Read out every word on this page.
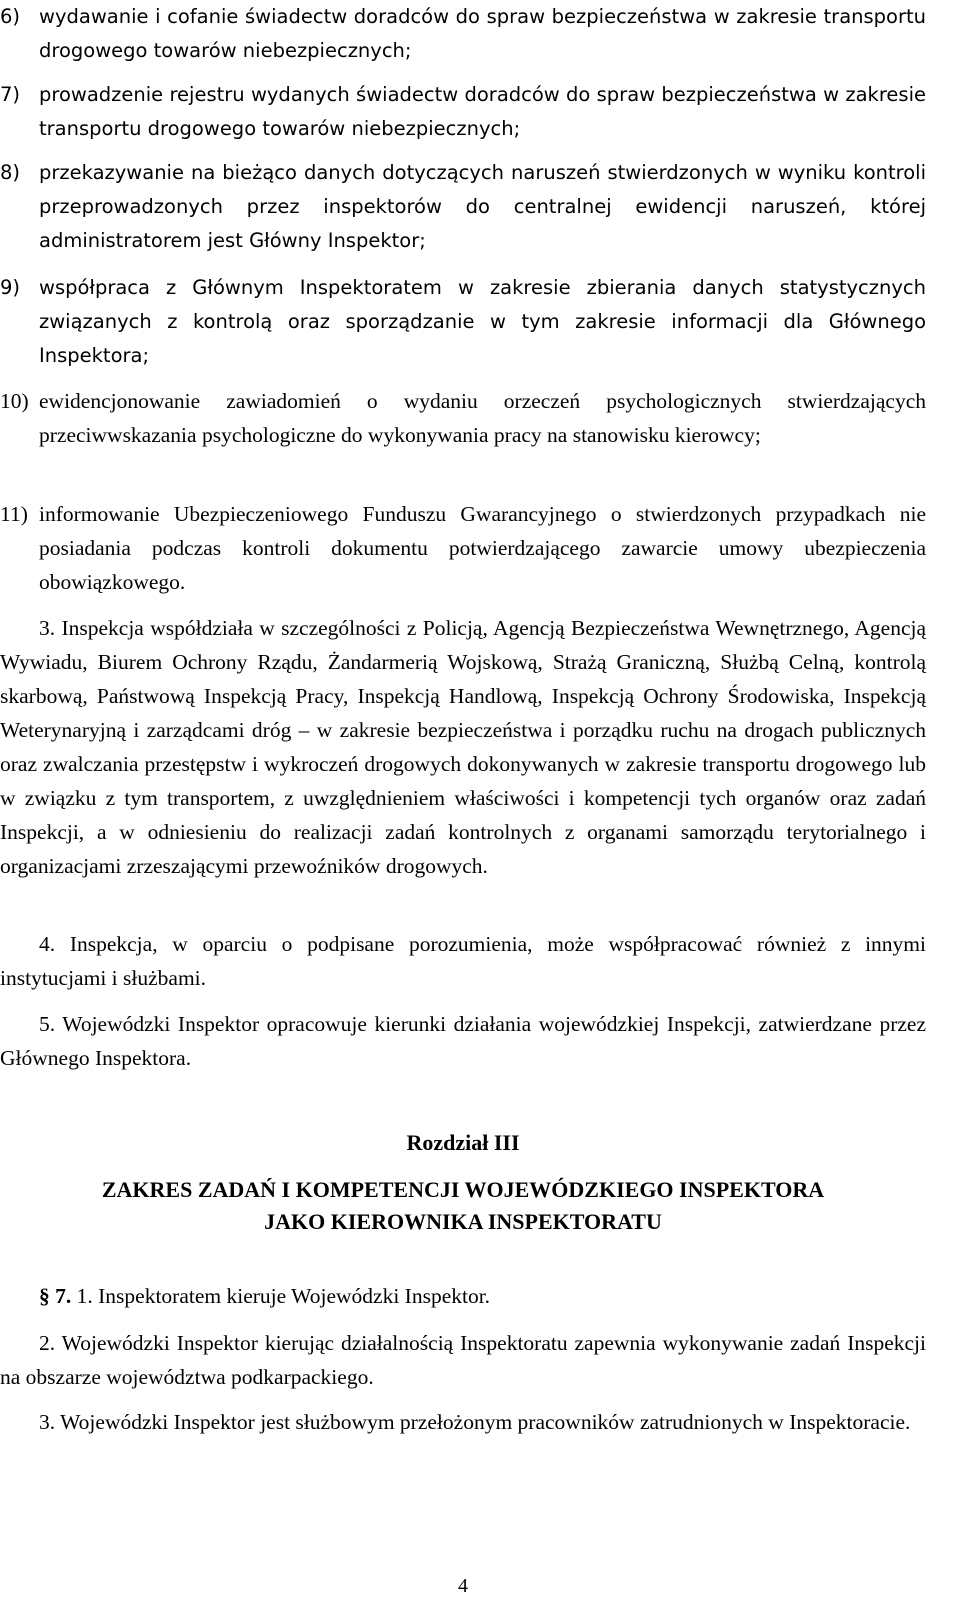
6) wydawanie i cofanie świadectw doradców do spraw bezpieczeństwa w zakresie transportu drogowego towarów niebezpiecznych;
7) prowadzenie rejestru wydanych świadectw doradców do spraw bezpieczeństwa w zakresie transportu drogowego towarów niebezpiecznych;
8) przekazywanie na bieżąco danych dotyczących naruszeń stwierdzonych w wyniku kontroli przeprowadzonych przez inspektorów do centralnej ewidencji naruszeń, której administratorem jest Główny Inspektor;
9) współpraca z Głównym Inspektoratem w zakresie zbierania danych statystycznych związanych z kontrolą oraz sporządzanie w tym zakresie informacji dla Głównego Inspektora;
10) ewidencjonowanie zawiadomień o wydaniu orzeczeń psychologicznych stwierdzających przeciwwskazania psychologiczne do wykonywania pracy na stanowisku kierowcy;
11) informowanie Ubezpieczeniowego Funduszu Gwarancyjnego o stwierdzonych przypadkach nie posiadania podczas kontroli dokumentu potwierdzającego zawarcie umowy ubezpieczenia obowiązkowego.
3. Inspekcja współdziała w szczególności z Policją, Agencją Bezpieczeństwa Wewnętrznego, Agencją Wywiadu, Biurem Ochrony Rządu, Żandarmerią Wojskową, Strażą Graniczną, Służbą Celną, kontrolą skarbową, Państwową Inspekcją Pracy, Inspekcją Handlową, Inspekcją Ochrony Środowiska, Inspekcją Weterynaryjną i zarządcami dróg – w zakresie bezpieczeństwa i porządku ruchu na drogach publicznych oraz zwalczania przestępstw i wykroczeń drogowych dokonywanych w zakresie transportu drogowego lub w związku z tym transportem, z uwzględnieniem właściwości i kompetencji tych organów oraz zadań Inspekcji, a w odniesieniu do realizacji zadań kontrolnych z organami samorządu terytorialnego i organizacjami zrzeszającymi przewoźników drogowych.
4. Inspekcja, w oparciu o podpisane porozumienia, może współpracować również z innymi instytucjami i służbami.
5. Wojewódzki Inspektor opracowuje kierunki działania wojewódzkiej Inspekcji, zatwierdzane przez Głównego Inspektora.
Rozdział III
ZAKRES ZADAŃ I KOMPETENCJI WOJEWÓDZKIEGO INSPEKTORA
JAKO KIEROWNIKA INSPEKTORATU
§ 7. 1. Inspektoratem kieruje Wojewódzki Inspektor.
2. Wojewódzki Inspektor kierując działalnością Inspektoratu zapewnia wykonywanie zadań Inspekcji na obszarze województwa podkarpackiego.
3. Wojewódzki Inspektor jest służbowym przełożonym pracowników zatrudnionych w Inspektoracie.
4
